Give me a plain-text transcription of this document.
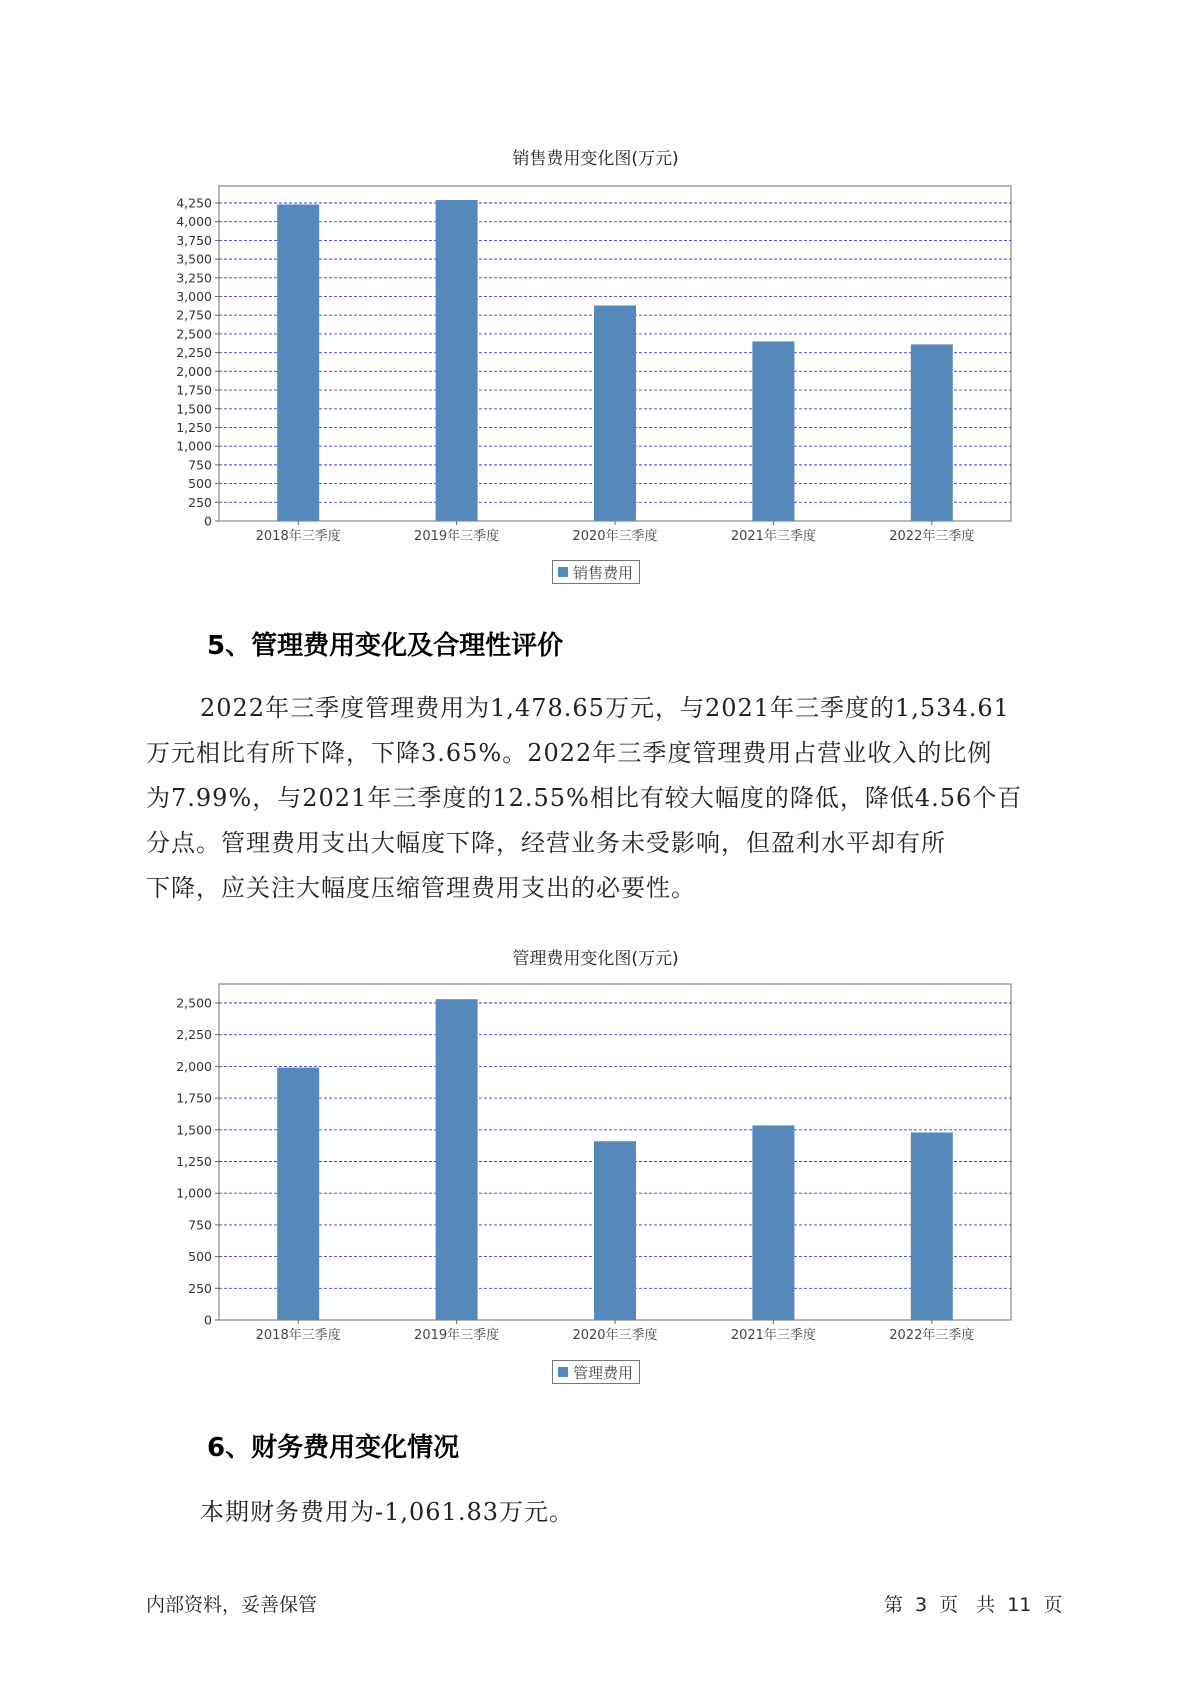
销售费用变化图(万元)
0
250
500
750
1,000
1,250
1,500
1,750
2,000
2,250
2,500
2,750
3,000
3,250
3,500
3,750
4,000
4,250
2018年三季度	2019年三季度	2020年三季度	2021年三季度	2022年三季度
销售费用
5、管理费用变化及合理性评价
2022年三季度管理费用为1,478.65万元，与2021年三季度的1,534.61
万元相比有所下降，下降3.65%。2022年三季度管理费用占营业收入的比例
为7.99%，与2021年三季度的12.55%相比有较大幅度的降低，降低4.56个百
分点。管理费用支出大幅度下降，经营业务未受影响，但盈利水平却有所
下降，应关注大幅度压缩管理费用支出的必要性。
管理费用变化图(万元)
0
250
500
750
1,000
1,250
1,500
1,750
2,000
2,250
2,500
2018年三季度	2019年三季度	2020年三季度	2021年三季度	2022年三季度
管理费用
6、财务费用变化情况
本期财务费用为-1,061.83万元。
内部资料，妥善保管	第 3 页 共 11 页
